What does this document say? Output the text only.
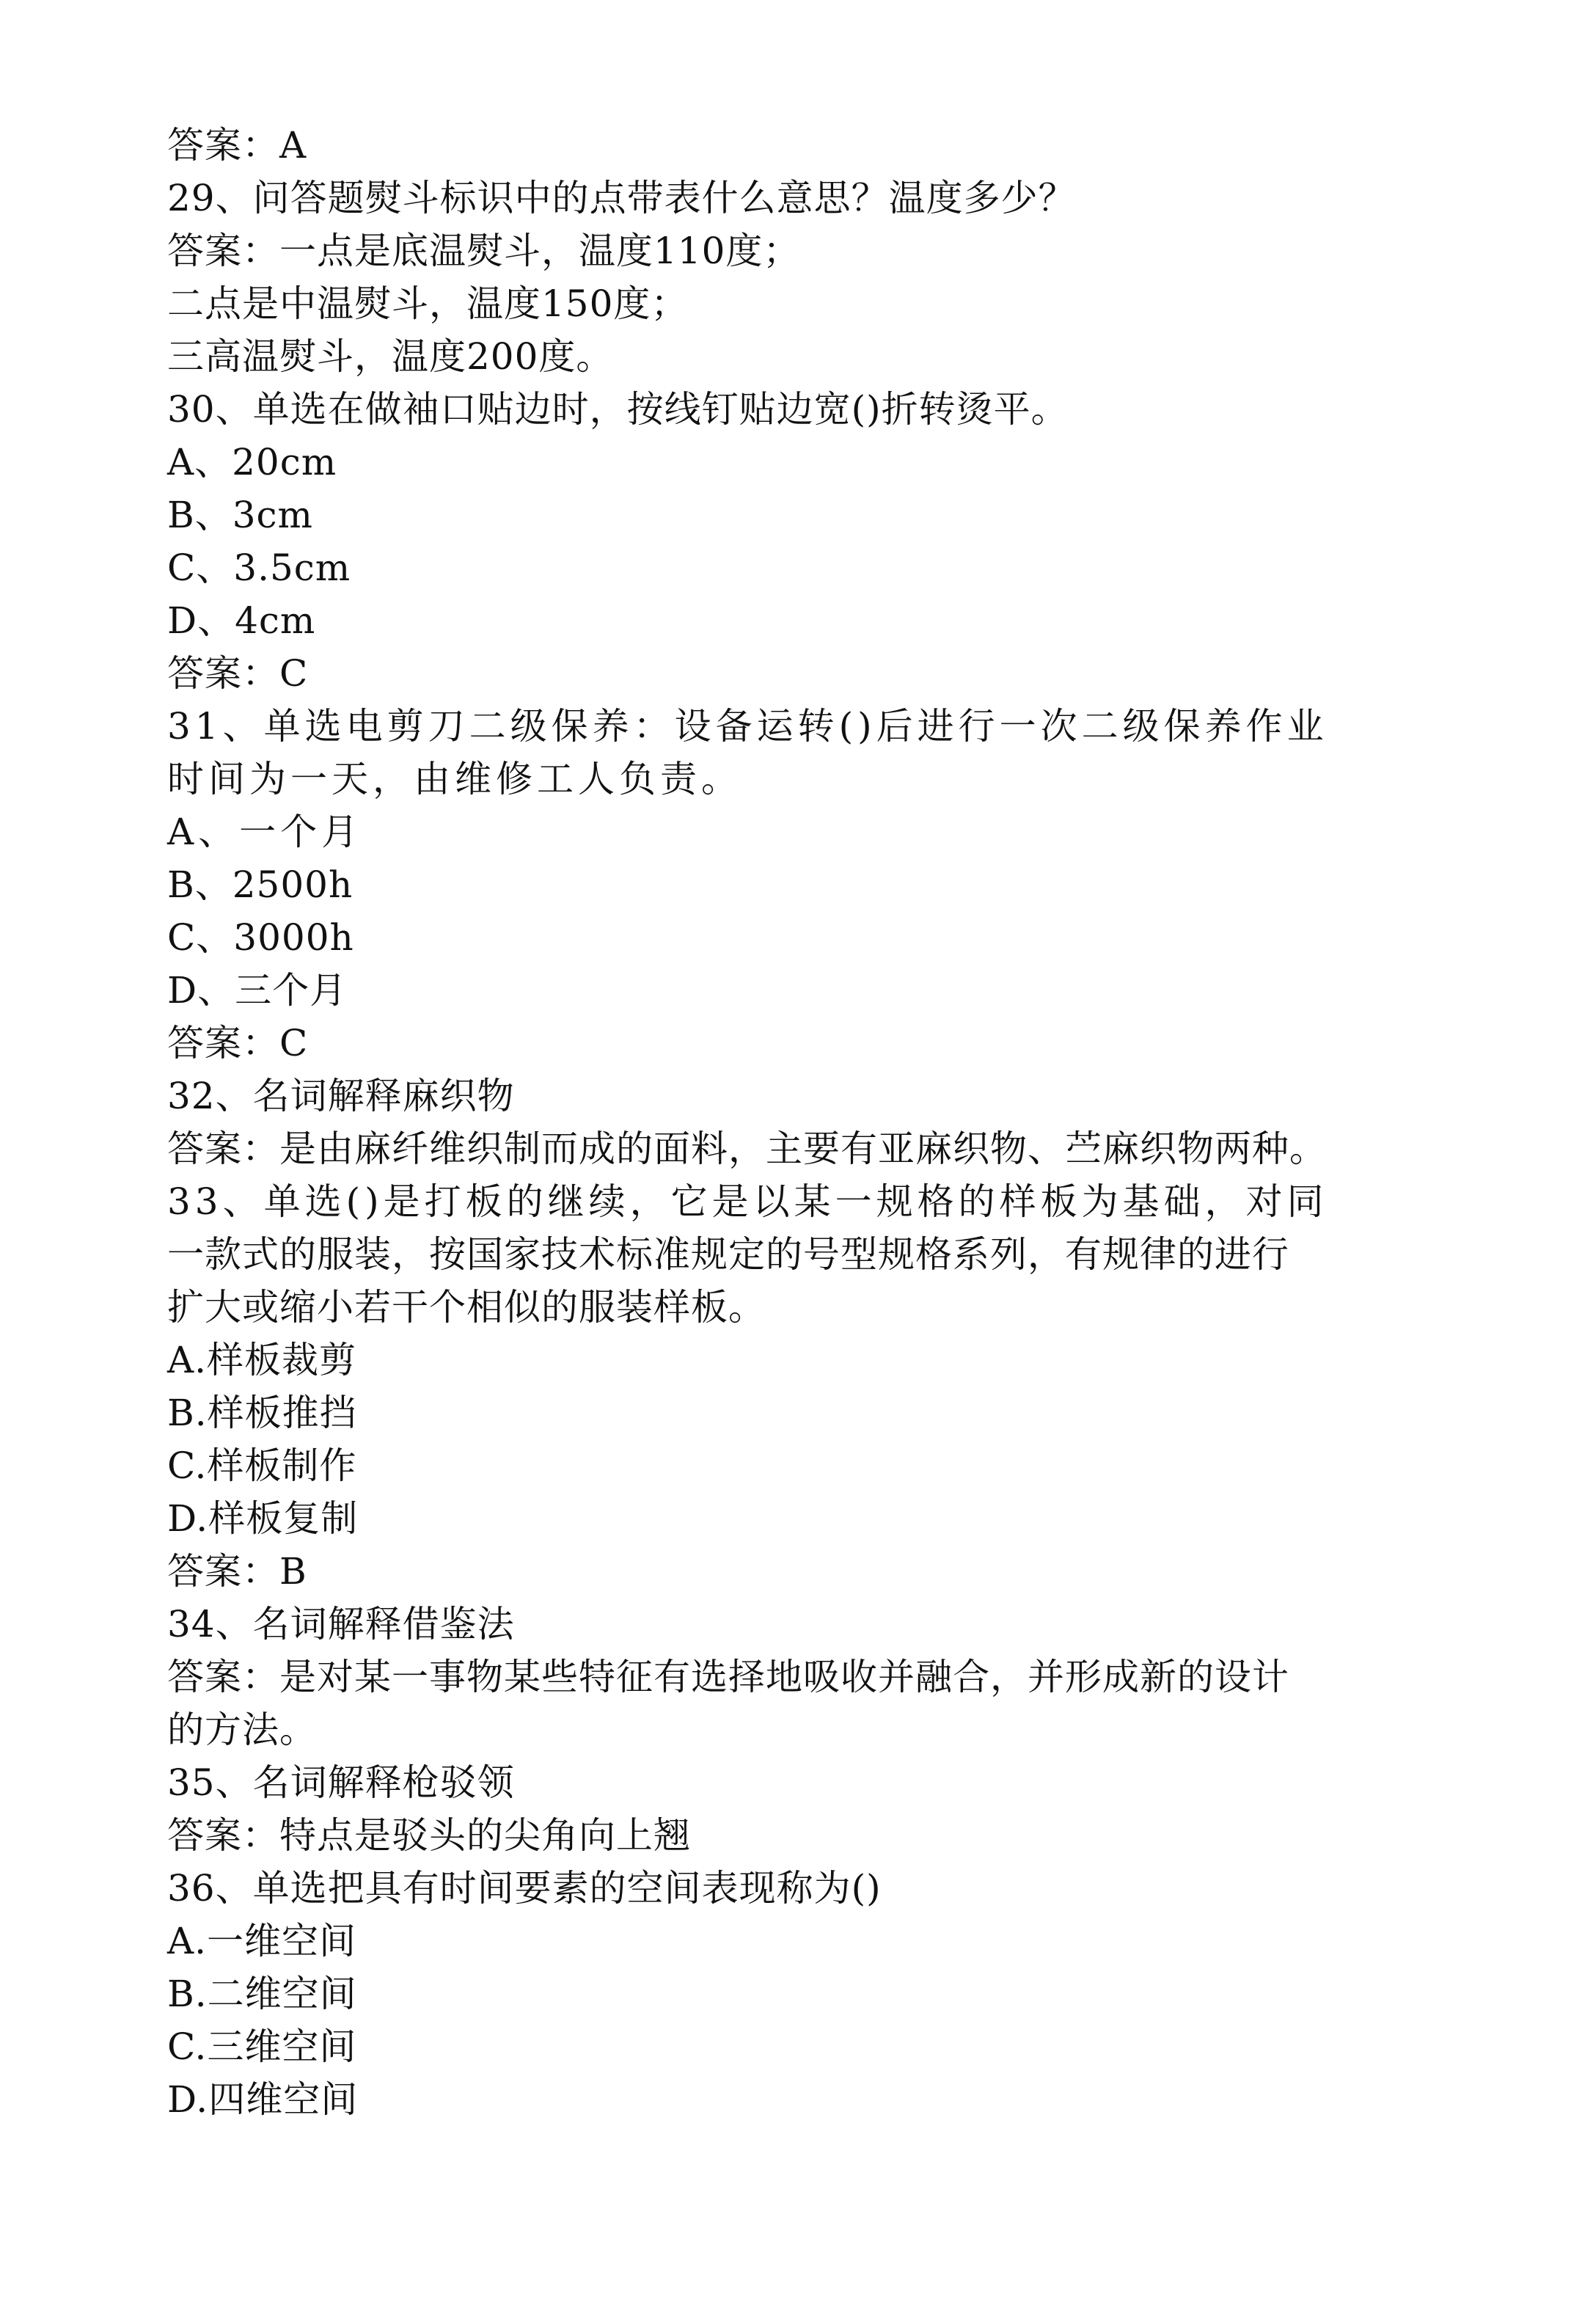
答案：A
29、问答题熨斗标识中的点带表什么意思？温度多少？
答案：一点是底温熨斗，温度110度；
二点是中温熨斗，温度150度；
三高温熨斗，温度200度。
30、单选在做袖口贴边时，按线钉贴边宽()折转烫平。
A、20cm
B、3cm
C、3.5cm
D、4cm
答案：C
31、单选电剪刀二级保养：设备运转()后进行一次二级保养作业
时间为一天，由维修工人负责。
A、一个月
B、2500h
C、3000h
D、三个月
答案：C
32、名词解释麻织物
答案：是由麻纤维织制而成的面料，主要有亚麻织物、苎麻织物两种。
33、单选()是打板的继续，它是以某一规格的样板为基础，对同
一款式的服装，按国家技术标准规定的号型规格系列，有规律的进行
扩大或缩小若干个相似的服装样板。
A.样板裁剪
B.样板推挡
C.样板制作
D.样板复制
答案：B
34、名词解释借鉴法
答案：是对某一事物某些特征有选择地吸收并融合，并形成新的设计
的方法。
35、名词解释枪驳领
答案：特点是驳头的尖角向上翘
36、单选把具有时间要素的空间表现称为()
A.一维空间
B.二维空间
C.三维空间
D.四维空间
